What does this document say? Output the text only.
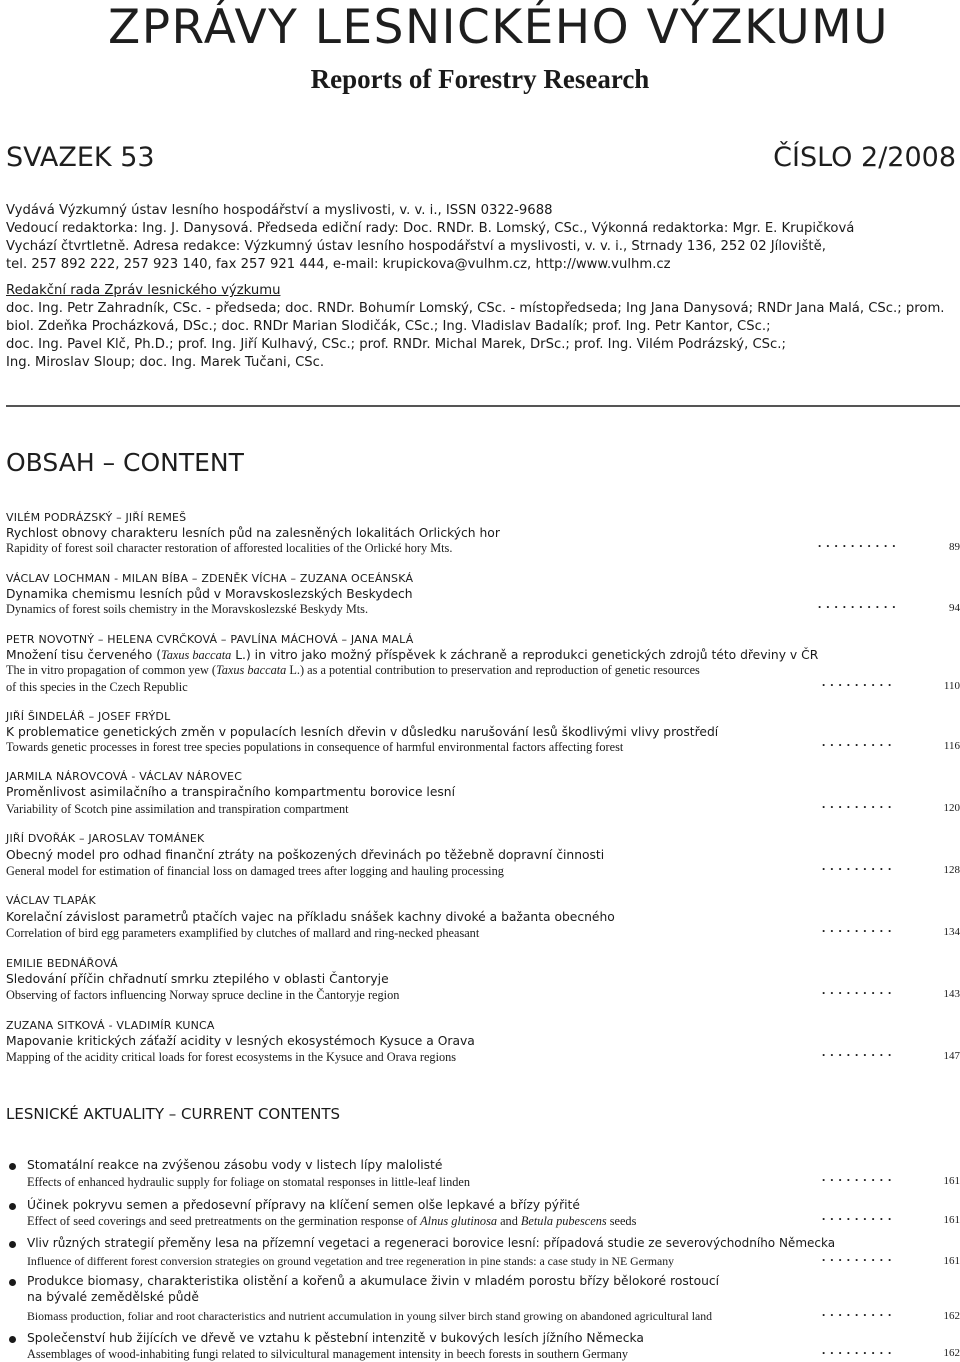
ZPRÁVY LESNICKÉHO VÝZKUMU
Reports of Forestry Research
SVAZEK 53	ČÍSLO 2/2008
Vydává Výzkumný ústav lesního hospodářství a myslivosti, v. v. i., ISSN 0322-9688
Vedoucí redaktorka: Ing. J. Danysová. Předseda ediční rady: Doc. RNDr. B. Lomský, CSc., Výkonná redaktorka: Mgr. E. Krupičková
Vychází čtvrtletně. Adresa redakce: Výzkumný ústav lesního hospodářství a myslivosti, v. v. i., Strnady 136, 252 02 Jíloviště,
tel. 257 892 222, 257 923 140, fax 257 921 444, e-mail: krupickova@vulhm.cz, http://www.vulhm.cz
Redakční rada Zpráv lesnického výzkumu
doc. Ing. Petr Zahradník, CSc. - předseda; doc. RNDr. Bohumír Lomský, CSc. - místopředseda; Ing Jana Danysová; RNDr Jana Malá, CSc.; prom.
biol. Zdeňka Procházková, DSc.; doc. RNDr Marian Slodičák, CSc.; Ing. Vladislav Badalík; prof. Ing. Petr Kantor, CSc.;
doc. Ing. Pavel Klč, Ph.D.; prof. Ing. Jiří Kulhavý, CSc.; prof. RNDr. Michal Marek, DrSc.; prof. Ing. Vilém Podrázský, CSc.;
Ing. Miroslav Sloup; doc. Ing. Marek Tučani, CSc.
OBSAH – CONTENT
VILÉM PODRÁZSKÝ – JIŘÍ REMEŠ
Rychlost obnovy charakteru lesních půd na zalesněných lokalitách Orlických hor
Rapidity of forest soil character restoration of afforested localities of the Orlické hory Mts.	..........	89
VÁCLAV LOCHMAN - MILAN BÍBA – ZDENĚK VÍCHA – ZUZANA OCEÁNSKÁ
Dynamika chemismu lesních půd v Moravskoslezských Beskydech
Dynamics of forest soils chemistry in the Moravskoslezské Beskydy Mts.	..........	94
PETR NOVOTNÝ – HELENA CVRČKOVÁ – PAVLÍNA MÁCHOVÁ – JANA MALÁ
Množení tisu červeného (Taxus baccata L.) in vitro jako možný příspěvek k záchraně a reprodukci genetických zdrojů této dřeviny v ČR
The in vitro propagation of common yew (Taxus baccata L.) as a potential contribution to preservation and reproduction of genetic resources
of this species in the Czech Republic	.........	110
JIŘÍ ŠINDELÁŘ – JOSEF FRÝDL
K problematice genetických změn v populacích lesních dřevin v důsledku narušování lesů škodlivými vlivy prostředí
Towards genetic processes in forest tree species populations in consequence of harmful environmental factors affecting forest	.........	116
JARMILA NÁROVCOVÁ - VÁCLAV NÁROVEC
Proměnlivost asimilačního a transpiračního kompartmentu borovice lesní
Variability of Scotch pine assimilation and transpiration compartment	.........	120
JIŘÍ DVOŘÁK – JAROSLAV TOMÁNEK
Obecný model pro odhad finanční ztráty na poškozených dřevinách po těžebně dopravní činnosti
General model for estimation of financial loss on damaged trees after logging and hauling processing	.........	128
VÁCLAV TLAPÁK
Korelační závislost parametrů ptačích vajec na příkladu snášek kachny divoké a bažanta obecného
Correlation of bird egg parameters examplified by clutches of mallard and ring-necked pheasant	.........	134
EMILIE BEDNÁŘOVÁ
Sledování příčin chřadnutí smrku ztepilého v oblasti Čantoryje
Observing of factors influencing Norway spruce decline in the Čantoryje region	.........	143
ZUZANA SITKOVÁ - VLADIMÍR KUNCA
Mapovanie kritických záťaží acidity v lesných ekosystémoch Kysuce a Orava
Mapping of the acidity critical loads for forest ecosystems in the Kysuce and Orava regions	.........	147
LESNICKÉ AKTUALITY – CURRENT CONTENTS
Stomatální reakce na zvýšenou zásobu vody v listech lípy malolisté
Effects of enhanced hydraulic supply for foliage on stomatal responses in little-leaf linden	.........	161
Účinek pokryvu semen a předosevní přípravy na klíčení semen olše lepkavé a břízy pýřité
Effect of seed coverings and seed pretreatments on the germination response of Alnus glutinosa and Betula pubescens seeds	.........	161
Vliv různých strategií přeměny lesa na přízemní vegetaci a regeneraci borovice lesní: případová studie ze severovýchodního Německa
Influence of different forest conversion strategies on ground vegetation and tree regeneration in pine stands: a case study in NE Germany	.........	161
Produkce biomasy, charakteristika olistění a kořenů a akumulace živin v mladém porostu břízy bělokoré rostoucí
na bývalé zemědělské půdě
Biomass production, foliar and root characteristics and nutrient accumulation in young silver birch stand growing on abandoned agricultural land	.........	162
Společenství hub žijících ve dřevě ve vztahu k pěstební intenzitě v bukových lesích jížního Německa
Assemblages of wood-inhabiting fungi related to silvicultural management intensity in beech forests in southern Germany	.........	162
